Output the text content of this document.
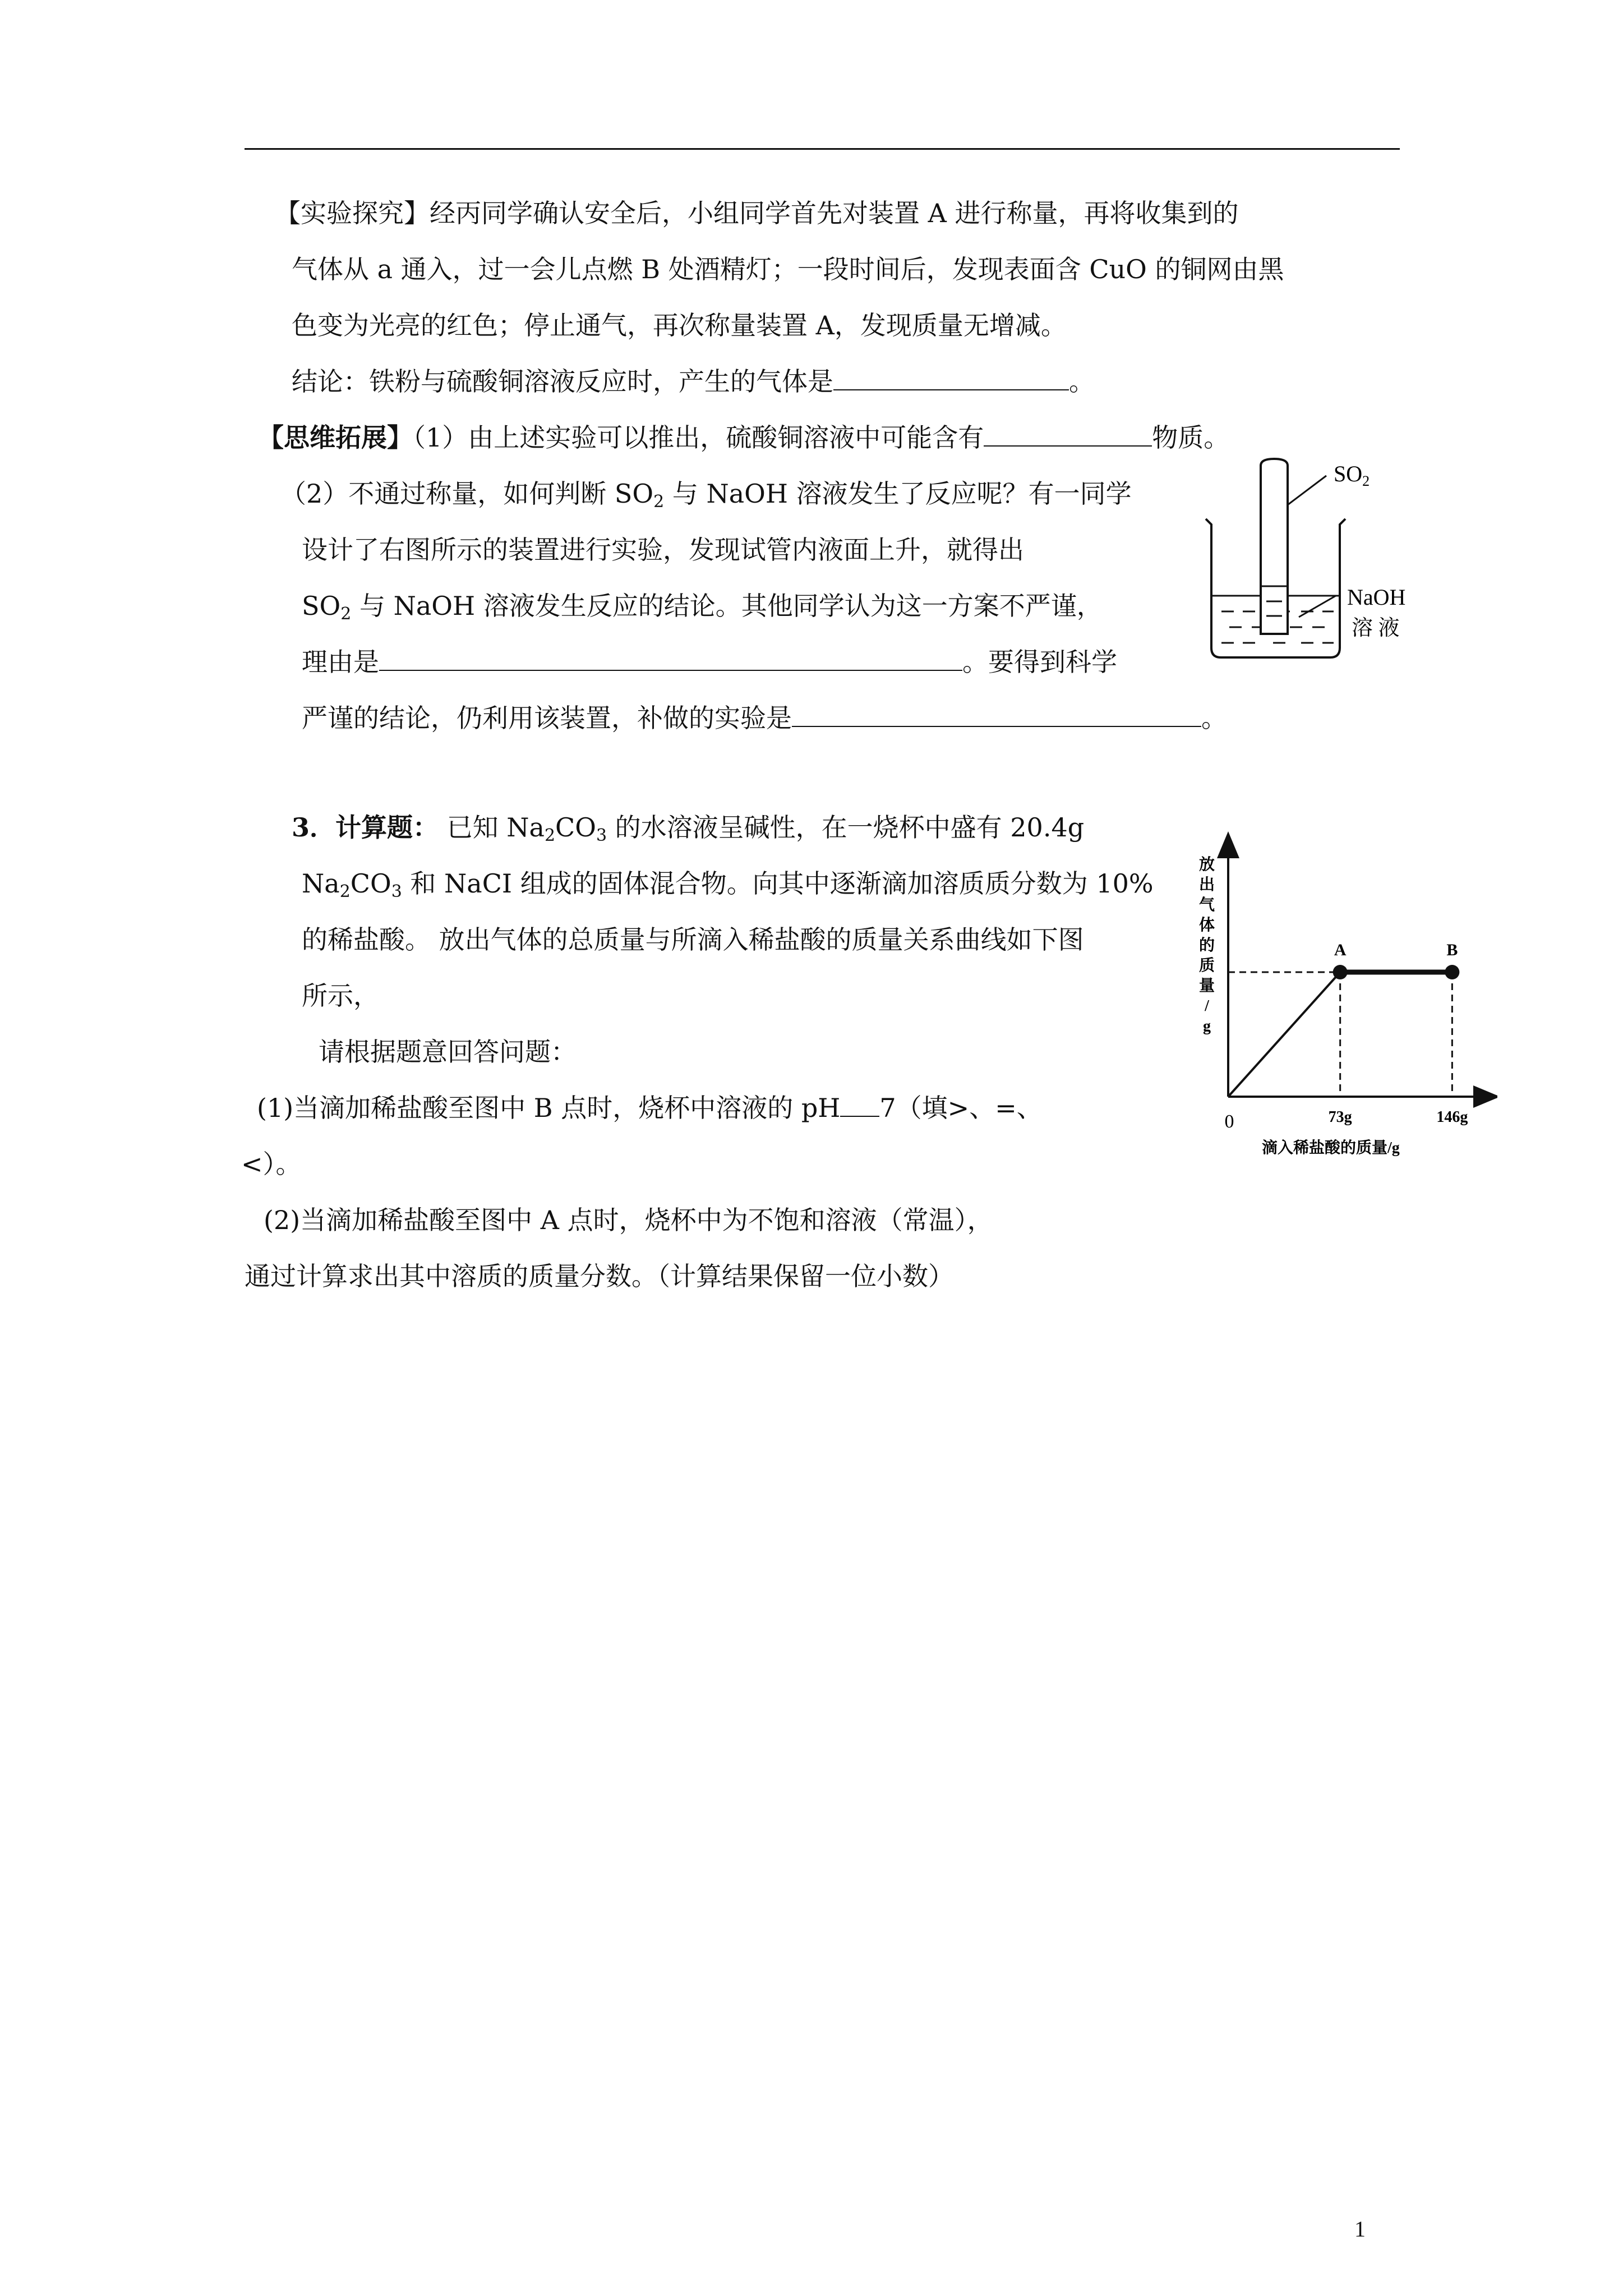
【实验探究】经丙同学确认安全后，小组同学首先对装置 A 进行称量，再将收集到的
气体从 a 通入，过一会儿点燃 B 处酒精灯；一段时间后，发现表面含 CuO 的铜网由黑
色变为光亮的红色；停止通气，再次称量装置 A，发现质量无增减。
结论：铁粉与硫酸铜溶液反应时，产生的气体是	。
【思维拓展】（1）由上述实验可以推出，硫酸铜溶液中可能含有	物质。
（2）不通过称量，如何判断 $SO_2$ 与 NaOH 溶液发生了反应呢？有一同学
设计了右图所示的装置进行实验，发现试管内液面上升，就得出
$SO_2$ 与 NaOH 溶液发生反应的结论。其他同学认为这一方案不严谨，
理由是	。要得到科学
严谨的结论，仍利用该装置，补做的实验是	。
$SO_2$
NaOH
溶 液
3．计算题： 已知 $Na_2CO_3$ 的水溶液呈碱性，在一烧杯中盛有 20.4g
$Na_2CO_3$ 和 NaCI 组成的固体混合物。向其中逐渐滴加溶质质分数为 10%
的稀盐酸。 放出气体的总质量与所滴入稀盐酸的质量关系曲线如下图
所示，
请根据题意回答问题：
(1)当滴加稀盐酸至图中 B 点时，烧杯中溶液的 pH 7（填>、=、
<）。
(2)当滴加稀盐酸至图中 A 点时，烧杯中为不饱和溶液（常温），
通过计算求出其中溶质的质量分数。（计算结果保留一位小数）
放出气体的质量/ g
0
滴入稀盐酸的质量/g
A	B
73g	146g
1
